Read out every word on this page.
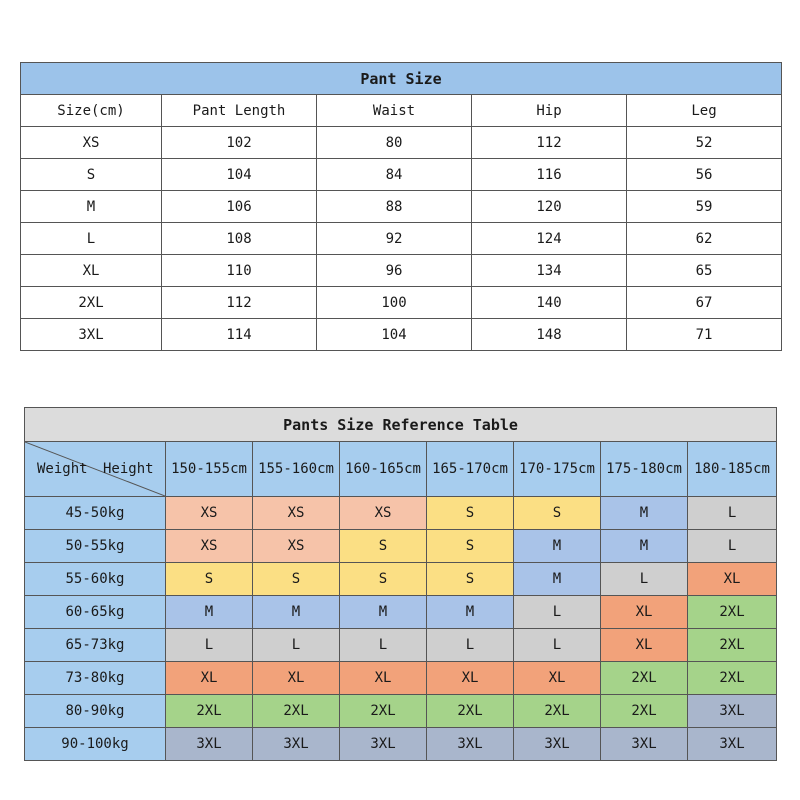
Pant Size				
Size(cm)	Pant Length	Waist	Hip	Leg
XS	102	80	112	52
S	104	84	116	56
M	106	88	120	59
L	108	92	124	62
XL	110	96	134	65
2XL	112	100	140	67
3XL	114	104	148	71
Pants Size Reference Table							

Weight Height	150-155cm	155-160cm	160-165cm	165-170cm	170-175cm	175-180cm	180-185cm
45-50kg	XS	XS	XS	S	S	M	L
50-55kg	XS	XS	S	S	M	M	L
55-60kg	S	S	S	S	M	L	XL
60-65kg	M	M	M	M	L	XL	2XL
65-73kg	L	L	L	L	L	XL	2XL
73-80kg	XL	XL	XL	XL	XL	2XL	2XL
80-90kg	2XL	2XL	2XL	2XL	2XL	2XL	3XL
90-100kg	3XL	3XL	3XL	3XL	3XL	3XL	3XL
